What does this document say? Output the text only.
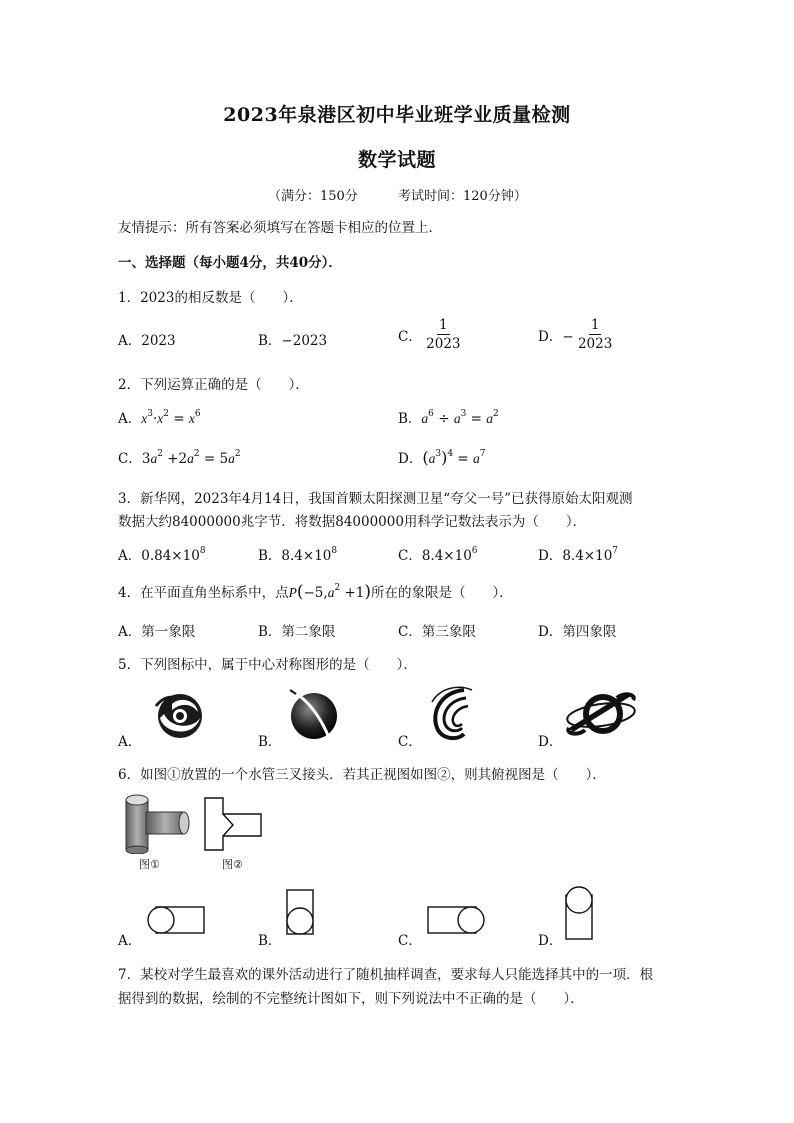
2023年泉港区初中毕业班学业质量检测
数学试题
（满分：150分	考试时间：120分钟）
友情提示：所有答案必须填写在答题卡相应的位置上．
一、选择题（每小题4分，共40分）．
1．2023的相反数是（　　）．
A．2023	B．−2023	C． $\frac{1}{2023}$	D．− $\frac{1}{2023}$
2．下列运算正确的是（　　）．
A．$x^3\cdot x^2 = x^6$	B．$a^6 \div a^3 = a^2$
C．$3a^2 +2a^2 = 5a^2$	D．$(a^3)^4 = a^7$
3．新华网，2023年4月14日，我国首颗太阳探测卫星“夸父一号”已获得原始太阳观测
数据大约84000000兆字节．将数据84000000用科学记数法表示为（　　）．
A．$0.84\times 10^8$	B．$8.4\times 10^8$	C．$8.4\times 10^6$	D．$8.4\times 10^7$
4．在平面直角坐标系中，点$P(-5,a^2 +1)$所在的象限是（　　）．
A．第一象限	B．第二象限	C．第三象限	D．第四象限
5．下列图标中，属于中心对称图形的是（　　）．
A．	B．	C．	D．
6．如图①放置的一个水管三叉接头．若其正视图如图②，则其俯视图是（　　）．
图①	图②
A．	B．	C．	D．
7．某校对学生最喜欢的课外活动进行了随机抽样调查，要求每人只能选择其中的一项．根
据得到的数据，绘制的不完整统计图如下，则下列说法中不正确的是（　　）．
